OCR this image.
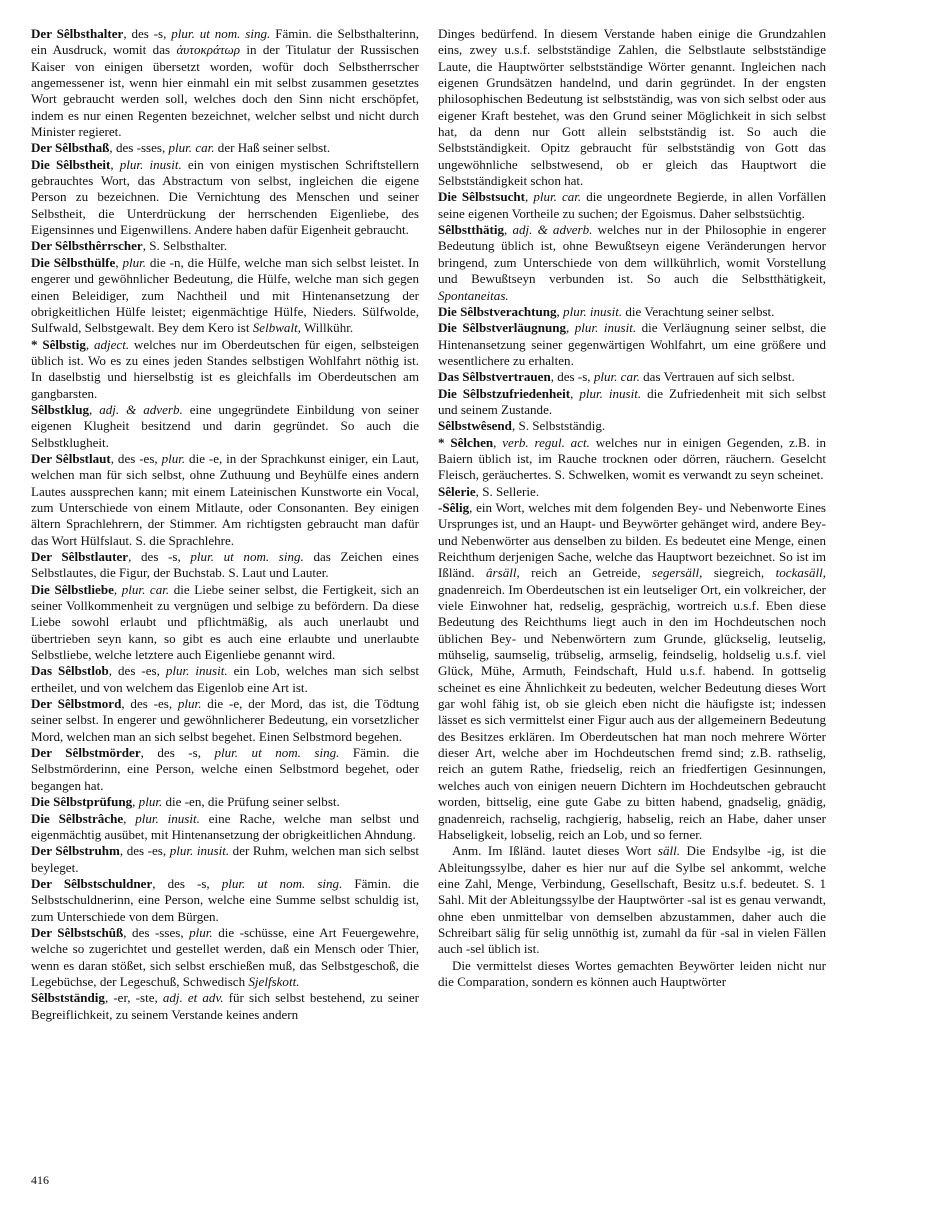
Der Sêlbsthalter, des -s, plur. ut nom. sing. Fämin. die Selbsthalterinn, ein Ausdruck, womit das ἀυτοκράτωρ in der Titulatur der Russischen Kaiser von einigen übersetzt worden, wofür doch Selbstherrscher angemessener ist, wenn hier einmahl ein mit selbst zusammen gesetztes Wort gebraucht werden soll, welches doch den Sinn nicht erschöpfet, indem es nur einen Regenten bezeichnet, welcher selbst und nicht durch Minister regieret.

Der Sêlbsthaß, des -sses, plur. car. der Haß seiner selbst.

Die Sêlbstheit, plur. inusit. ein von einigen mystischen Schriftstellern gebrauchtes Wort, das Abstractum von selbst, ingleichen die eigene Person zu bezeichnen. Die Vernichtung des Menschen und seiner Selbstheit, die Unterdrückung der herrschenden Eigenliebe, des Eigensinnes und Eigenwillens. Andere haben dafür Eigenheit gebraucht.

Der Sêlbsthêrrscher, S. Selbsthalter.

Die Sêlbsthülfe, plur. die -n, die Hülfe, welche man sich selbst leistet. In engerer und gewöhnlicher Bedeutung, die Hülfe, welche man sich gegen einen Beleidiger, zum Nachtheil und mit Hintenansetzung der obrigkeitlichen Hülfe leistet; eigenmächtige Hülfe, Nieders. Sülfwolde, Sulfwald, Selbstgewalt. Bey dem Kero ist Selbwalt, Willkühr.

* Sêlbstig, adject. welches nur im Oberdeutschen für eigen, selbsteigen üblich ist. Wo es zu eines jeden Standes selbstigen Wohlfahrt nöthig ist. In daselbstig und hierselbstig ist es gleichfalls im Oberdeutschen am gangbarsten.

Sêlbstklug, adj. & adverb. eine ungegründete Einbildung von seiner eigenen Klugheit besitzend und darin gegründet. So auch die Selbstklugheit.

Der Sêlbstlaut, des -es, plur. die -e, in der Sprachkunst einiger, ein Laut, welchen man für sich selbst, ohne Zuthuung und Beyhülfe eines andern Lautes aussprechen kann; mit einem Lateinischen Kunstworte ein Vocal, zum Unterschiede von einem Mitlaute, oder Consonanten. Bey einigen ältern Sprachlehrern, der Stimmer. Am richtigsten gebraucht man dafür das Wort Hülfslaut. S. die Sprachlehre.

Der Sêlbstlauter, des -s, plur. ut nom. sing. das Zeichen eines Selbstlautes, die Figur, der Buchstab. S. Laut und Lauter.

Die Sêlbstliebe, plur. car. die Liebe seiner selbst, die Fertigkeit, sich an seiner Vollkommenheit zu vergnügen und selbige zu befördern. Da diese Liebe sowohl erlaubt und pflichtmäßig, als auch unerlaubt und übertrieben seyn kann, so gibt es auch eine erlaubte und unerlaubte Selbstliebe, welche letztere auch Eigenliebe genannt wird.

Das Sêlbstlob, des -es, plur. inusit. ein Lob, welches man sich selbst ertheilet, und von welchem das Eigenlob eine Art ist.

Der Sêlbstmord, des -es, plur. die -e, der Mord, das ist, die Tödtung seiner selbst. In engerer und gewöhnlicherer Bedeutung, ein vorsetzlicher Mord, welchen man an sich selbst begehet. Einen Selbstmord begehen.

Der Sêlbstmörder, des -s, plur. ut nom. sing. Fämin. die Selbstmörderinn, eine Person, welche einen Selbstmord begehet, oder begangen hat.

Die Sêlbstprüfung, plur. die -en, die Prüfung seiner selbst.

Die Sêlbstrâche, plur. inusit. eine Rache, welche man selbst und eigenmächtig ausübet, mit Hintenansetzung der obrigkeitlichen Ahndung.

Der Sêlbstruhm, des -es, plur. inusit. der Ruhm, welchen man sich selbst beyleget.

Der Sêlbstschuldner, des -s, plur. ut nom. sing. Fämin. die Selbstschuldnerinn, eine Person, welche eine Summe selbst schuldig ist, zum Unterschiede von dem Bürgen.

Der Sêlbstschûß, des -sses, plur. die -schüsse, eine Art Feuergewehre, welche so zugerichtet und gestellet werden, daß ein Mensch oder Thier, wenn es daran stößet, sich selbst erschießen muß, das Selbstgeschoß, die Legebüchse, der Legeschuß, Schwedisch Sjelfskott.

Sêlbstständig, -er, -ste, adj. et adv. für sich selbst bestehend, zu seiner Begreiflichkeit, zu seinem Verstande keines andern

Dinges bedürfend. In diesem Verstande haben einige die Grundzahlen eins, zwey u.s.f. selbstständige Zahlen, die Selbstlaute selbstständige Laute, die Hauptwörter selbstständige Wörter genannt. Ingleichen nach eigenen Grundsätzen handelnd, und darin gegründet. In der engsten philosophischen Bedeutung ist selbstständig, was von sich selbst oder aus eigener Kraft bestehet, was den Grund seiner Möglichkeit in sich selbst hat, da denn nur Gott allein selbstständig ist. So auch die Selbstständigkeit. Opitz gebraucht für selbstständig von Gott das ungewöhnliche selbstwesend, ob er gleich das Hauptwort die Selbstständigkeit schon hat.

Die Sêlbstsucht, plur. car. die ungeordnete Begierde, in allen Vorfällen seine eigenen Vortheile zu suchen; der Egoismus. Daher selbstsüchtig.

Sêlbstthätig, adj. & adverb. welches nur in der Philosophie in engerer Bedeutung üblich ist, ohne Bewußtseyn eigene Veränderungen hervor bringend, zum Unterschiede von dem willkührlich, womit Vorstellung und Bewußtseyn verbunden ist. So auch die Selbstthätigkeit, Spontaneitas.

Die Sêlbstverachtung, plur. inusit. die Verachtung seiner selbst.

Die Sêlbstverläugnung, plur. inusit. die Verläugnung seiner selbst, die Hintenansetzung seiner gegenwärtigen Wohlfahrt, um eine größere und wesentlichere zu erhalten.

Das Sêlbstvertrauen, des -s, plur. car. das Vertrauen auf sich selbst.

Die Sêlbstzufriedenheit, plur. inusit. die Zufriedenheit mit sich selbst und seinem Zustande.

Sêlbstwêsend, S. Selbstständig.

* Sêlchen, verb. regul. act. welches nur in einigen Gegenden, z.B. in Baiern üblich ist, im Rauche trocknen oder dörren, räuchern. Geselcht Fleisch, geräuchertes. S. Schwelken, womit es verwandt zu seyn scheinet.

Sêlerie, S. Sellerie.

-Sêlig, ein Wort, welches mit dem folgenden Bey- und Nebenworte Eines Ursprunges ist, und an Haupt- und Beywörter gehänget wird, andere Bey- und Nebenwörter aus denselben zu bilden. Es bedeutet eine Menge, einen Reichthum derjenigen Sache, welche das Hauptwort bezeichnet. So ist im Ißländ. ârsäll, reich an Getreide, segersäll, siegreich, tockasäll, gnadenreich. Im Oberdeutschen ist ein leutseliger Ort, ein volkreicher, der viele Einwohner hat, redselig, gesprächig, wortreich u.s.f. Eben diese Bedeutung des Reichthums liegt auch in den im Hochdeutschen noch üblichen Bey- und Nebenwörtern zum Grunde, glückselig, leutselig, mühselig, saumselig, trübselig, armselig, feindselig, holdselig u.s.f. viel Glück, Mühe, Armuth, Feindschaft, Huld u.s.f. habend. In gottselig scheinet es eine Ähnlichkeit zu bedeuten, welcher Bedeutung dieses Wort gar wohl fähig ist, ob sie gleich eben nicht die häufigste ist; indessen lässet es sich vermittelst einer Figur auch aus der allgemeinern Bedeutung des Besitzes erklären. Im Oberdeutschen hat man noch mehrere Wörter dieser Art, welche aber im Hochdeutschen fremd sind; z.B. rathselig, reich an gutem Rathe, friedselig, reich an friedfertigen Gesinnungen, welches auch von einigen neuern Dichtern im Hochdeutschen gebraucht worden, bittselig, eine gute Gabe zu bitten habend, gnadselig, gnädig, gnadenreich, rachselig, rachgierig, habselig, reich an Habe, daher unser Habseligkeit, lobselig, reich an Lob, und so ferner.

Anm. Im Ißländ. lautet dieses Wort säll. Die Endsylbe -ig, ist die Ableitungssylbe, daher es hier nur auf die Sylbe sel ankommt, welche eine Zahl, Menge, Verbindung, Gesellschaft, Besitz u.s.f. bedeutet. S. 1 Sahl. Mit der Ableitungssylbe der Hauptwörter -sal ist es genau verwandt, ohne eben unmittelbar von demselben abzustammen, daher auch die Schreibart sälig für selig unnöthig ist, zumahl da für -sal in vielen Fällen auch -sel üblich ist.

Die vermittelst dieses Wortes gemachten Beywörter leiden nicht nur die Comparation, sondern es können auch Hauptwörter

416
